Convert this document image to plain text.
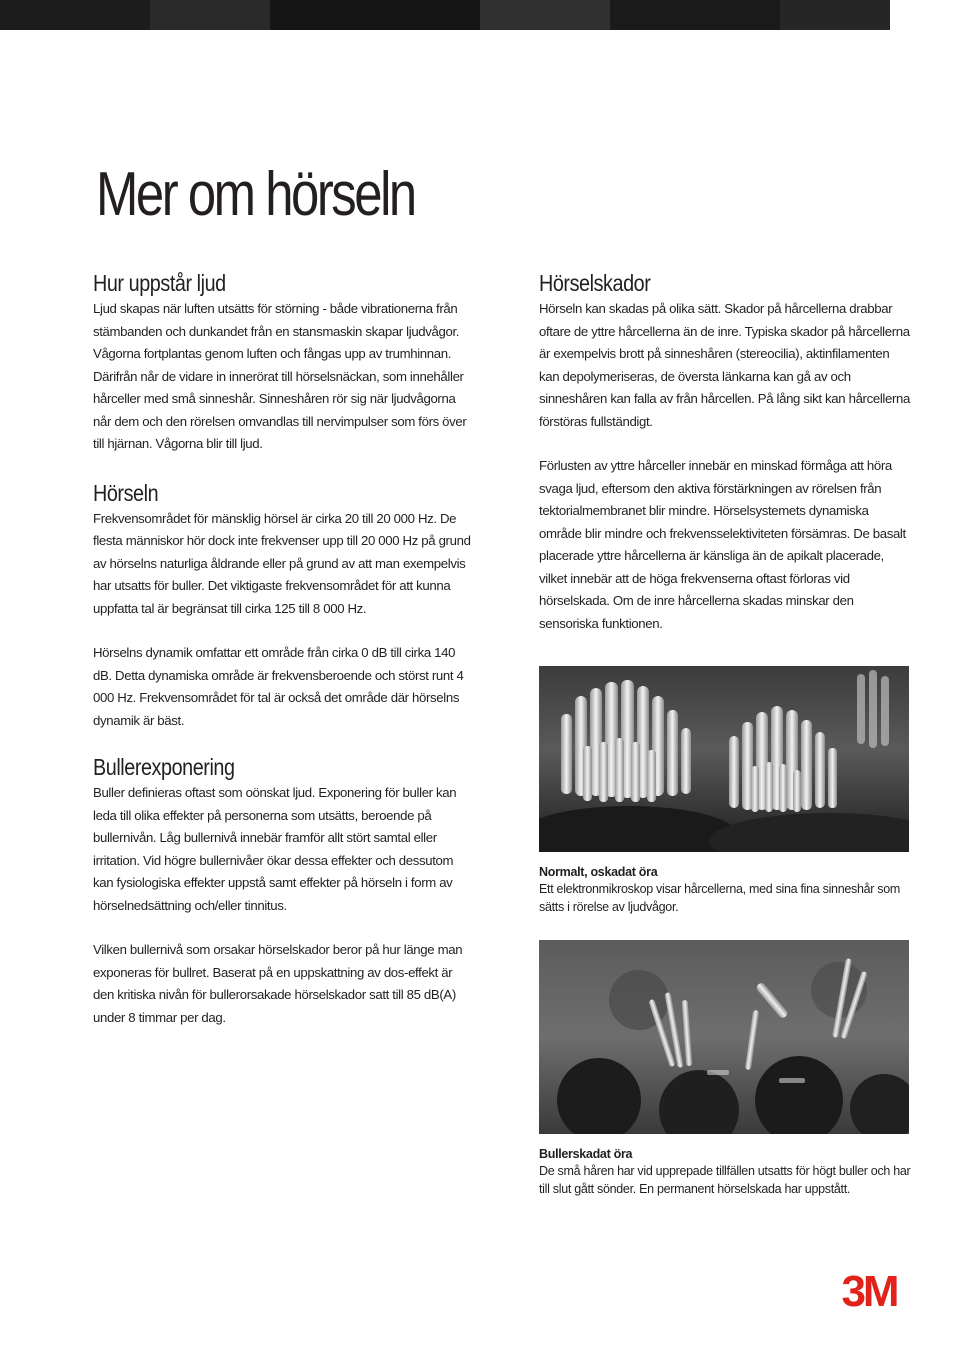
Mer om hörseln
Hur uppstår ljud

Ljud skapas när luften utsätts för störning - både vibrationerna från stämbanden och dunkandet från en stansmaskin skapar ljudvågor. Vågorna fortplantas genom luften och fångas upp av trumhinnan. Därifrån når de vidare in innerörat till hörselsnäckan, som innehåller hårceller med små sinneshår. Sinneshåren rör sig när ljudvågorna når dem och den rörelsen omvandlas till nervimpulser som förs över till hjärnan. Vågorna blir till ljud.

Hörseln

Frekvensområdet för mänsklig hörsel är cirka 20 till 20 000 Hz. De flesta människor hör dock inte frekvenser upp till 20 000 Hz på grund av hörselns naturliga åldrande eller på grund av att man exempelvis har utsatts för buller. Det viktigaste frekvensområdet för att kunna uppfatta tal är begränsat till cirka 125 till 8 000 Hz.

Hörselns dynamik omfattar ett område från cirka 0 dB till cirka 140 dB. Detta dynamiska område är frekvensberoende och störst runt 4 000 Hz. Frekvensområdet för tal är också det område där hörselns dynamik är bäst.

Bullerexponering

Buller definieras oftast som oönskat ljud. Exponering för buller kan leda till olika effekter på personerna som utsätts, beroende på bullernivån. Låg bullernivå innebär framför allt stört samtal eller irritation. Vid högre bullernivåer ökar dessa effekter och dessutom kan fysiologiska effekter uppstå samt effekter på hörseln i form av hörselnedsättning och/eller tinnitus.

Vilken bullernivå som orsakar hörselskador beror på hur länge man exponeras för bullret. Baserat på en uppskattning av dos-effekt är den kritiska nivån för bullerorsakade hörselskador satt till 85 dB(A) under 8 timmar per dag.

Hörselskador

Hörseln kan skadas på olika sätt. Skador på hårcellerna drabbar oftare de yttre hårcellerna än de inre. Typiska skador på hårcellerna är exempelvis brott på sinneshåren (stereocilia), aktinfilamenten kan depolymeriseras, de översta länkarna kan gå av och sinneshåren kan falla av från hårcellen. På lång sikt kan hårcellerna förstöras fullständigt.

Förlusten av yttre hårceller innebär en minskad förmåga att höra svaga ljud, eftersom den aktiva förstärkningen av rörelsen från tektorialmembranet blir mindre. Hörselsystemets dynamiska område blir mindre och frekvensselektiviteten försämras. De basalt placerade yttre hårcellerna är känsliga än de apikalt placerade, vilket innebär att de höga frekvenserna oftast förloras vid hörselskada. Om de inre hårcellerna skadas minskar den sensoriska funktionen.

Normalt, oskadat öra
Ett elektronmikroskop visar hårcellerna, med sina fina sinneshår som sätts i rörelse av ljudvågor.
Bullerskadat öra
De små håren har vid upprepade tillfällen utsatts för högt buller och har till slut gått sönder. En permanent hörselskada har uppstått.
3M
